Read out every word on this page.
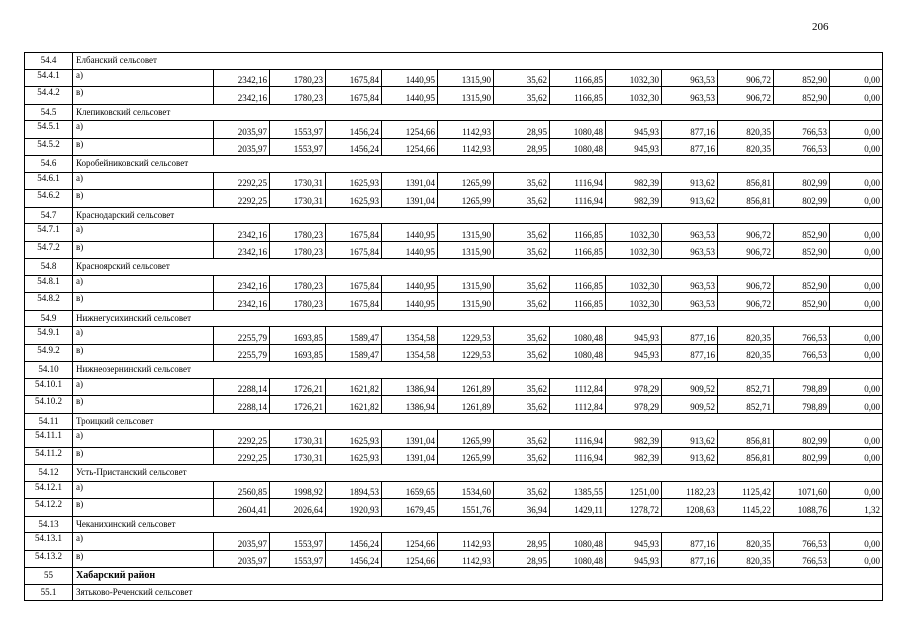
206
54.4	Елбанский сельсовет												
54.4.1	а)	2342,16	1780,23	1675,84	1440,95	1315,90	35,62	1166,85	1032,30	963,53	906,72	852,90	0,00
54.4.2	в)	2342,16	1780,23	1675,84	1440,95	1315,90	35,62	1166,85	1032,30	963,53	906,72	852,90	0,00
54.5	Клепиковский сельсовет												
54.5.1	а)	2035,97	1553,97	1456,24	1254,66	1142,93	28,95	1080,48	945,93	877,16	820,35	766,53	0,00
54.5.2	в)	2035,97	1553,97	1456,24	1254,66	1142,93	28,95	1080,48	945,93	877,16	820,35	766,53	0,00
54.6	Коробейниковский сельсовет												
54.6.1	а)	2292,25	1730,31	1625,93	1391,04	1265,99	35,62	1116,94	982,39	913,62	856,81	802,99	0,00
54.6.2	в)	2292,25	1730,31	1625,93	1391,04	1265,99	35,62	1116,94	982,39	913,62	856,81	802,99	0,00
54.7	Краснодарский сельсовет												
54.7.1	а)	2342,16	1780,23	1675,84	1440,95	1315,90	35,62	1166,85	1032,30	963,53	906,72	852,90	0,00
54.7.2	в)	2342,16	1780,23	1675,84	1440,95	1315,90	35,62	1166,85	1032,30	963,53	906,72	852,90	0,00
54.8	Красноярский сельсовет												
54.8.1	а)	2342,16	1780,23	1675,84	1440,95	1315,90	35,62	1166,85	1032,30	963,53	906,72	852,90	0,00
54.8.2	в)	2342,16	1780,23	1675,84	1440,95	1315,90	35,62	1166,85	1032,30	963,53	906,72	852,90	0,00
54.9	Нижнегусихинский сельсовет												
54.9.1	а)	2255,79	1693,85	1589,47	1354,58	1229,53	35,62	1080,48	945,93	877,16	820,35	766,53	0,00
54.9.2	в)	2255,79	1693,85	1589,47	1354,58	1229,53	35,62	1080,48	945,93	877,16	820,35	766,53	0,00
54.10	Нижнеозернинский сельсовет												
54.10.1	а)	2288,14	1726,21	1621,82	1386,94	1261,89	35,62	1112,84	978,29	909,52	852,71	798,89	0,00
54.10.2	в)	2288,14	1726,21	1621,82	1386,94	1261,89	35,62	1112,84	978,29	909,52	852,71	798,89	0,00
54.11	Троицкий сельсовет												
54.11.1	а)	2292,25	1730,31	1625,93	1391,04	1265,99	35,62	1116,94	982,39	913,62	856,81	802,99	0,00
54.11.2	в)	2292,25	1730,31	1625,93	1391,04	1265,99	35,62	1116,94	982,39	913,62	856,81	802,99	0,00
54.12	Усть-Пристанский сельсовет												
54.12.1	а)	2560,85	1998,92	1894,53	1659,65	1534,60	35,62	1385,55	1251,00	1182,23	1125,42	1071,60	0,00
54.12.2	в)	2604,41	2026,64	1920,93	1679,45	1551,76	36,94	1429,11	1278,72	1208,63	1145,22	1088,76	1,32
54.13	Чеканихинский сельсовет												
54.13.1	а)	2035,97	1553,97	1456,24	1254,66	1142,93	28,95	1080,48	945,93	877,16	820,35	766,53	0,00
54.13.2	в)	2035,97	1553,97	1456,24	1254,66	1142,93	28,95	1080,48	945,93	877,16	820,35	766,53	0,00
55	Хабарский район												
55.1	Зятьково-Реченский сельсовет												
